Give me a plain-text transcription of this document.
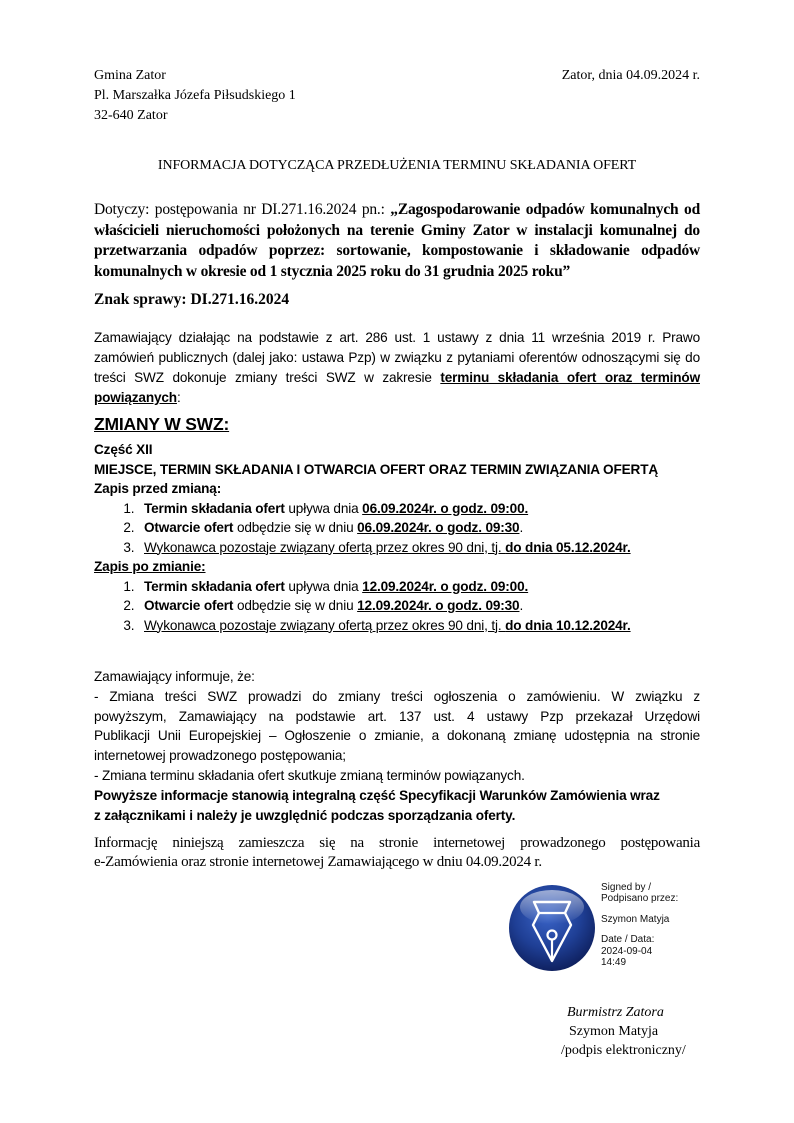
Gmina Zator
Pl. Marszałka Józefa Piłsudskiego 1
32-640 Zator
Zator, dnia 04.09.2024 r.
INFORMACJA DOTYCZĄCA PRZEDŁUŻENIA TERMINU SKŁADANIA OFERT
Dotyczy: postępowania nr DI.271.16.2024 pn.: „Zagospodarowanie odpadów komunalnych od właścicieli nieruchomości położonych na terenie Gminy Zator w instalacji komunalnej do przetwarzania odpadów poprzez: sortowanie, kompostowanie i składowanie odpadów komunalnych w okresie od 1 stycznia 2025 roku do 31 grudnia 2025 roku”
Znak sprawy: DI.271.16.2024
Zamawiający działając na podstawie z art. 286 ust. 1 ustawy z dnia 11 września 2019 r. Prawo zamówień publicznych (dalej jako: ustawa Pzp) w związku z pytaniami oferentów odnoszącymi się do treści SWZ dokonuje zmiany treści SWZ w zakresie terminu składania ofert oraz terminów powiązanych:
ZMIANY W SWZ:
Część XII
MIEJSCE, TERMIN SKŁADANIA I OTWARCIA OFERT ORAZ TERMIN ZWIĄZANIA OFERTĄ
Zapis przed zmianą:
1. Termin składania ofert upływa dnia 06.09.2024r. o godz. 09:00.
2. Otwarcie ofert odbędzie się w dniu 06.09.2024r. o godz. 09:30.
3. Wykonawca pozostaje związany ofertą przez okres 90 dni, tj. do dnia 05.12.2024r.
Zapis po zmianie:
1. Termin składania ofert upływa dnia 12.09.2024r. o godz. 09:00.
2. Otwarcie ofert odbędzie się w dniu 12.09.2024r. o godz. 09:30.
3. Wykonawca pozostaje związany ofertą przez okres 90 dni, tj. do dnia 10.12.2024r.
Zamawiający informuje, że:
- Zmiana treści SWZ prowadzi do zmiany treści ogłoszenia o zamówieniu. W związku z
powyższym, Zamawiający na podstawie art. 137 ust. 4 ustawy Pzp przekazał Urzędowi
Publikacji Unii Europejskiej – Ogłoszenie o zmianie, a dokonaną zmianę udostępnia na stronie
internetowej prowadzonego postępowania;
- Zmiana terminu składania ofert skutkuje zmianą terminów powiązanych.
Powyższe informacje stanowią integralną część Specyfikacji Warunków Zamówienia wraz
z załącznikami i należy je uwzględnić podczas sporządzania oferty.
Informację niniejszą zamieszcza się na stronie internetowej prowadzonego postępowania
e-Zamówienia oraz stronie internetowej Zamawiającego w dniu 04.09.2024 r.
Signed by /
Podpisano przez:
Szymon Matyja
Date / Data:
2024-09-04
14:49
Burmistrz Zatora
Szymon Matyja
/podpis elektroniczny/
